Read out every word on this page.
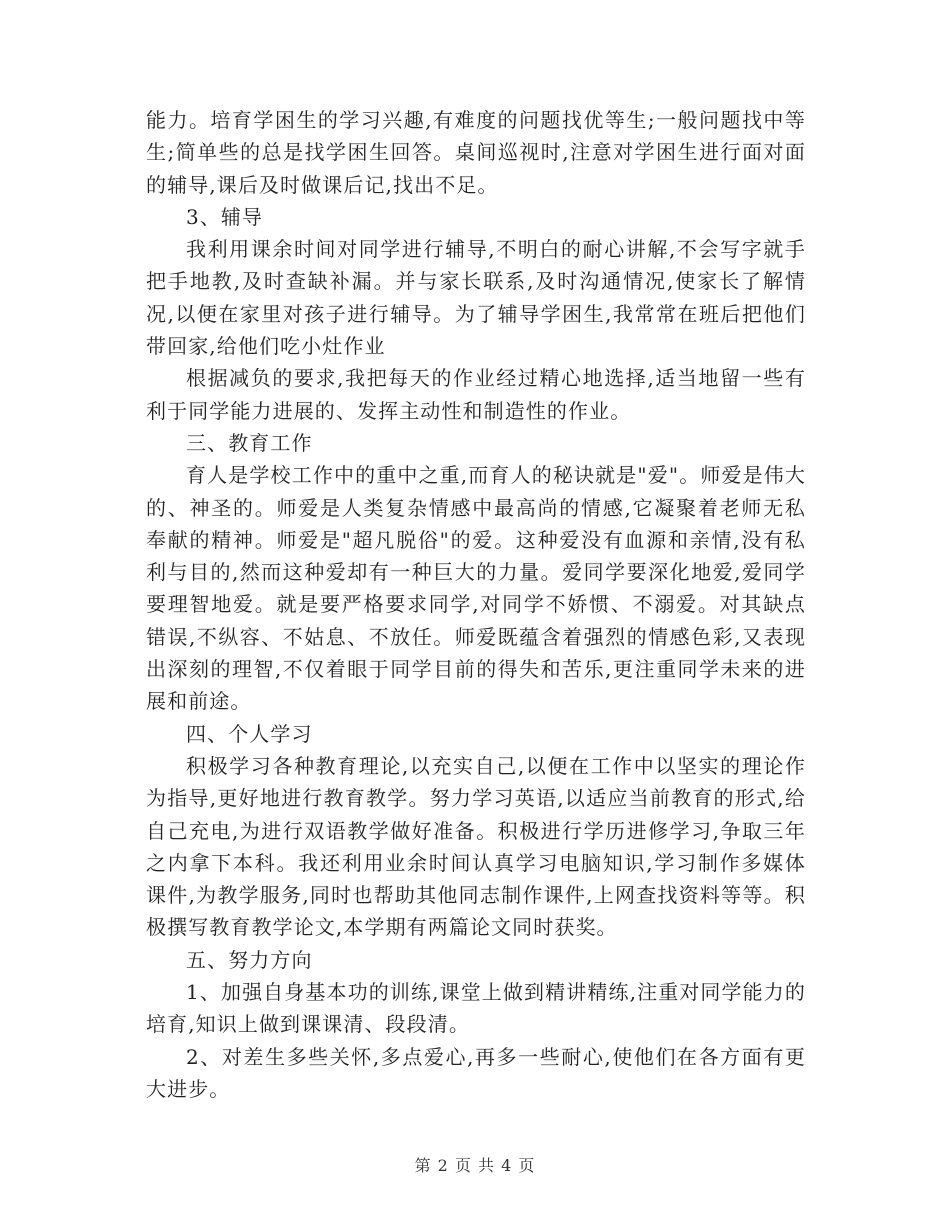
能力。培育学困生的学习兴趣,有难度的问题找优等生;一般问题找中等生;简单些的总是找学困生回答。桌间巡视时,注意对学困生进行面对面的辅导,课后及时做课后记,找出不足。

3、辅导

我利用课余时间对同学进行辅导,不明白的耐心讲解,不会写字就手把手地教,及时查缺补漏。并与家长联系,及时沟通情况,使家长了解情况,以便在家里对孩子进行辅导。为了辅导学困生,我常常在班后把他们带回家,给他们吃小灶作业

根据减负的要求,我把每天的作业经过精心地选择,适当地留一些有利于同学能力进展的、发挥主动性和制造性的作业。

三、教育工作

育人是学校工作中的重中之重,而育人的秘诀就是"爱"。师爱是伟大的、神圣的。师爱是人类复杂情感中最高尚的情感,它凝聚着老师无私奉献的精神。师爱是"超凡脱俗"的爱。这种爱没有血源和亲情,没有私利与目的,然而这种爱却有一种巨大的力量。爱同学要深化地爱,爱同学要理智地爱。就是要严格要求同学,对同学不娇惯、不溺爱。对其缺点错误,不纵容、不姑息、不放任。师爱既蕴含着强烈的情感色彩,又表现出深刻的理智,不仅着眼于同学目前的得失和苦乐,更注重同学未来的进展和前途。

四、个人学习

积极学习各种教育理论,以充实自己,以便在工作中以坚实的理论作为指导,更好地进行教育教学。努力学习英语,以适应当前教育的形式,给自己充电,为进行双语教学做好准备。积极进行学历进修学习,争取三年之内拿下本科。我还利用业余时间认真学习电脑知识,学习制作多媒体课件,为教学服务,同时也帮助其他同志制作课件,上网查找资料等等。积极撰写教育教学论文,本学期有两篇论文同时获奖。

五、努力方向

1、加强自身基本功的训练,课堂上做到精讲精练,注重对同学能力的培育,知识上做到课课清、段段清。

2、对差生多些关怀,多点爱心,再多一些耐心,使他们在各方面有更大进步。

第 2 页 共 4 页
